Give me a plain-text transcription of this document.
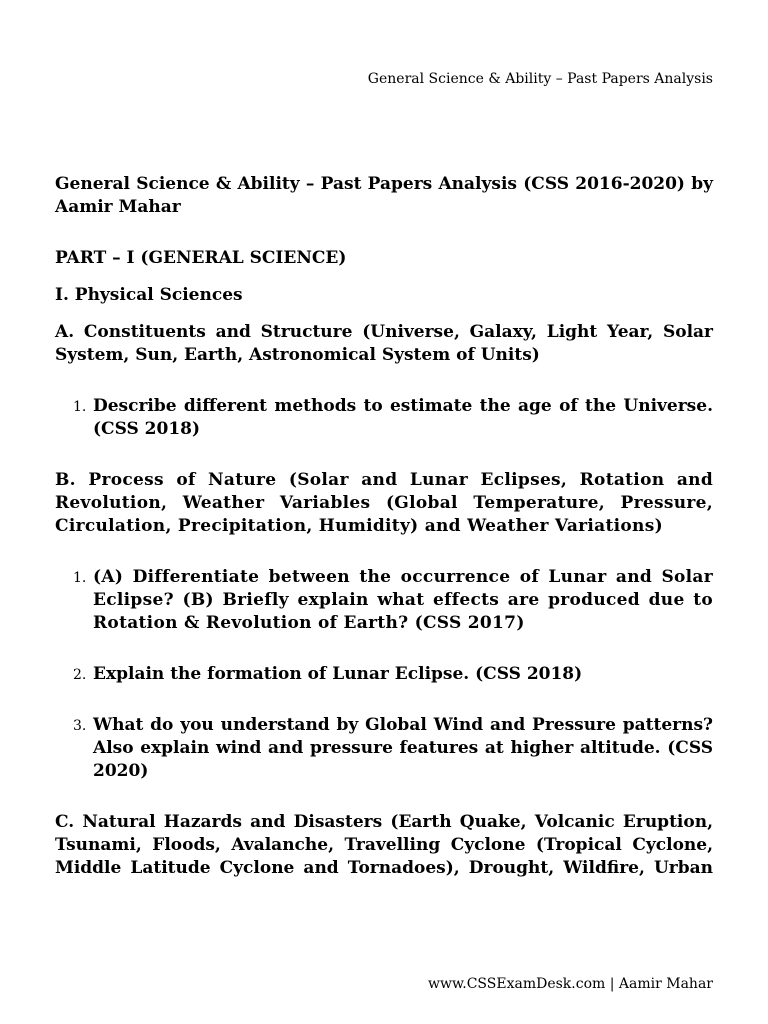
General Science & Ability – Past Papers Analysis

General Science & Ability – Past Papers Analysis (CSS 2016-2020) by Aamir Mahar

PART – I (GENERAL SCIENCE)

I. Physical Sciences

A. Constituents and Structure (Universe, Galaxy, Light Year, Solar System, Sun, Earth, Astronomical System of Units)

1. Describe different methods to estimate the age of the Universe. (CSS 2018)

B. Process of Nature (Solar and Lunar Eclipses, Rotation and Revolution, Weather Variables (Global Temperature, Pressure, Circulation, Precipitation, Humidity) and Weather Variations)

1. (A) Differentiate between the occurrence of Lunar and Solar Eclipse? (B) Briefly explain what effects are produced due to Rotation & Revolution of Earth? (CSS 2017)
2. Explain the formation of Lunar Eclipse. (CSS 2018)
3. What do you understand by Global Wind and Pressure patterns? Also explain wind and pressure features at higher altitude. (CSS 2020)

C. Natural Hazards and Disasters (Earth Quake, Volcanic Eruption, Tsunami, Floods, Avalanche, Travelling Cyclone (Tropical Cyclone, Middle Latitude Cyclone and Tornadoes), Drought, Wildfire, Urban

www.CSSExamDesk.com | Aamir Mahar
